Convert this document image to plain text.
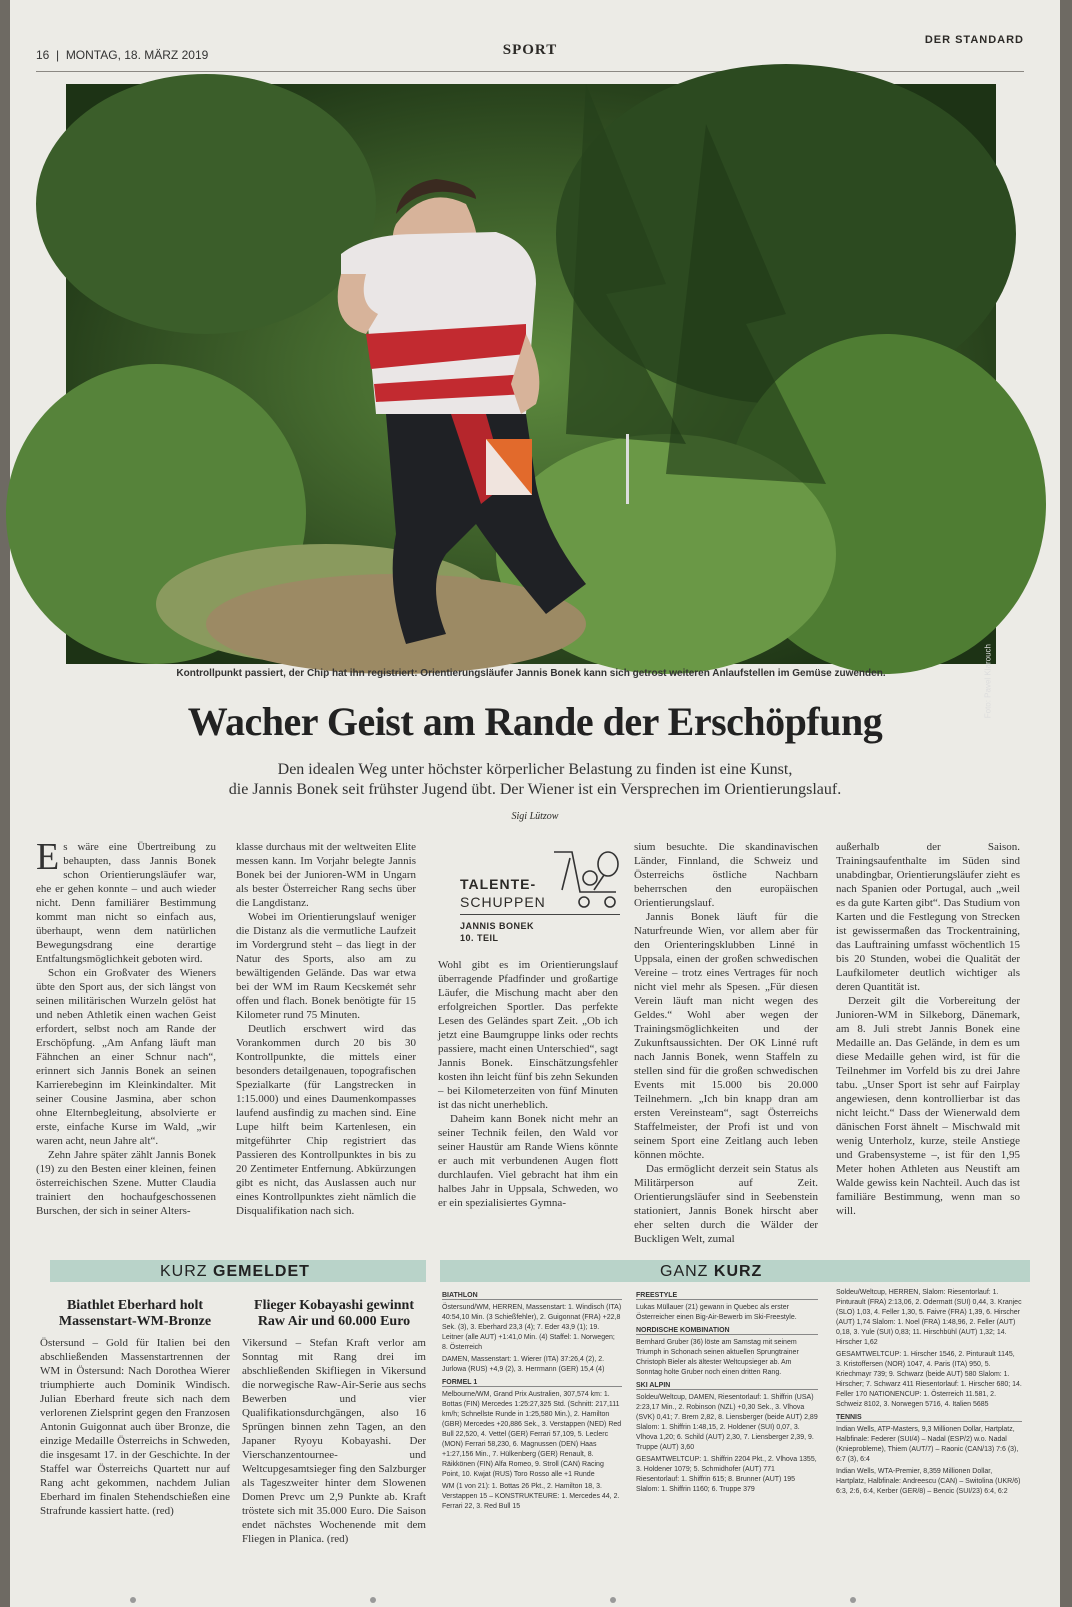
16  |  MONTAG, 18. MÄRZ 2019	SPORT
DER STANDARD
Foto: Pavel Klarouch
Kontrollpunkt passiert, der Chip hat ihn registriert: Orientierungsläufer Jannis Bonek kann sich getrost weiteren Anlaufstellen im Gemüse zuwenden.
Wacher Geist am Rande der Erschöpfung
Den idealen Weg unter höchster körperlicher Belastung zu finden ist eine Kunst,
die Jannis Bonek seit frühster Jugend übt. Der Wiener ist ein Versprechen im Orientierungslauf.
Sigi Lützow
E s wäre eine Übertreibung zu behaupten, dass Jannis Bonek schon Orientierungsläufer war, ehe er gehen konnte – und auch wieder nicht. Denn familiärer Bestimmung kommt man nicht so einfach aus, überhaupt, wenn dem natürlichen Bewegungsdrang eine derartige Entfaltungsmöglichkeit geboten wird.

Schon ein Großvater des Wieners übte den Sport aus, der sich längst von seinen militärischen Wurzeln gelöst hat und neben Athletik einen wachen Geist erfordert, selbst noch am Rande der Erschöpfung. „Am Anfang läuft man Fähnchen an einer Schnur nach“, erinnert sich Jannis Bonek an seinen Karrierebeginn im Kleinkindalter. Mit seiner Cousine Jasmina, aber schon ohne Elternbegleitung, absolvierte er erste, einfache Kurse im Wald, „wir waren acht, neun Jahre alt“.

Zehn Jahre später zählt Jannis Bonek (19) zu den Besten einer kleinen, feinen österreichischen Szene. Mutter Claudia trainiert den hochaufgeschossenen Burschen, der sich in seiner Alters-

klasse durchaus mit der weltweiten Elite messen kann. Im Vorjahr belegte Jannis Bonek bei der Junioren-WM in Ungarn als bester Österreicher Rang sechs über die Langdistanz.

Wobei im Orientierungslauf weniger die Distanz als die vermutliche Laufzeit im Vordergrund steht – das liegt in der Natur des Sports, also am zu bewältigenden Gelände. Das war etwa bei der WM im Raum Kecskemét sehr offen und flach. Bonek benötigte für 15 Kilometer rund 75 Minuten.

Deutlich erschwert wird das Vorankommen durch 20 bis 30 Kontrollpunkte, die mittels einer besonders detailgenauen, topografischen Spezialkarte (für Langstrecken in 1:15.000) und eines Daumenkompasses laufend ausfindig zu machen sind. Eine Lupe hilft beim Kartenlesen, ein mitgeführter Chip registriert das Passieren des Kontrollpunktes in bis zu 20 Zentimeter Entfernung. Abkürzungen gibt es nicht, das Auslassen auch nur eines Kontrollpunktes zieht nämlich die Disqualifikation nach sich.

TALENTE-
SCHUPPEN
JANNIS BONEK
10. TEIL

Wohl gibt es im Orientierungslauf überragende Pfadfinder und großartige Läufer, die Mischung macht aber den erfolgreichen Sportler. Das perfekte Lesen des Geländes spart Zeit. „Ob ich jetzt eine Baumgruppe links oder rechts passiere, macht einen Unterschied“, sagt Jannis Bonek. Einschätzungsfehler kosten ihn leicht fünf bis zehn Sekunden – bei Kilometerzeiten von fünf Minuten ist das nicht unerheblich.

Daheim kann Bonek nicht mehr an seiner Technik feilen, den Wald vor seiner Haustür am Rande Wiens könnte er auch mit verbundenen Augen flott durchlaufen. Viel gebracht hat ihm ein halbes Jahr in Uppsala, Schweden, wo er ein spezialisiertes Gymna-

sium besuchte. Die skandinavischen Länder, Finnland, die Schweiz und Österreichs östliche Nachbarn beherrschen den europäischen Orientierungslauf.

Jannis Bonek läuft für die Naturfreunde Wien, vor allem aber für den Orienteringsklubben Linné in Uppsala, einen der großen schwedischen Vereine – trotz eines Vertrages für noch nicht viel mehr als Spesen. „Für diesen Verein läuft man nicht wegen des Geldes.“ Wohl aber wegen der Trainingsmöglichkeiten und der Zukunftsaussichten. Der OK Linné ruft nach Jannis Bonek, wenn Staffeln zu stellen sind für die großen schwedischen Events mit 15.000 bis 20.000 Teilnehmern. „Ich bin knapp dran am ersten Vereinsteam“, sagt Österreichs Staffelmeister, der Profi ist und von seinem Sport eine Zeitlang auch leben können möchte.

Das ermöglicht derzeit sein Status als Militärperson auf Zeit. Orientierungsläufer sind in Seebenstein stationiert, Jannis Bonek hirscht aber eher selten durch die Wälder der Buckligen Welt, zumal

außerhalb der Saison. Trainingsaufenthalte im Süden sind unabdingbar, Orientierungsläufer zieht es nach Spanien oder Portugal, auch „weil es da gute Karten gibt“. Das Studium von Karten und die Festlegung von Strecken ist gewissermaßen das Trockentraining, das Lauftraining umfasst wöchentlich 15 bis 20 Stunden, wobei die Qualität der Laufkilometer deutlich wichtiger als deren Quantität ist.

Derzeit gilt die Vorbereitung der Junioren-WM in Silkeborg, Dänemark, am 8. Juli strebt Jannis Bonek eine Medaille an. Das Gelände, in dem es um diese Medaille gehen wird, ist für die Teilnehmer im Vorfeld bis zu drei Jahre tabu. „Unser Sport ist sehr auf Fairplay angewiesen, denn kontrollierbar ist das nicht leicht.“ Dass der Wienerwald dem dänischen Forst ähnelt – Mischwald mit wenig Unterholz, kurze, steile Anstiege und Grabensysteme –, ist für den 1,95 Meter hohen Athleten aus Neustift am Walde gewiss kein Nachteil. Auch das ist familiäre Bestimmung, wenn man so will.

KURZ GEMELDET	GANZ KURZ
Biathlet Eberhard holt Massenstart-WM-Bronze
Östersund – Gold für Italien bei den abschließenden Massenstartrennen der WM in Östersund: Nach Dorothea Wierer triumphierte auch Dominik Windisch. Julian Eberhard freute sich nach dem verlorenen Zielsprint gegen den Franzosen Antonin Guigonnat auch über Bronze, die einzige Medaille Österreichs in Schweden, die insgesamt 17. in der Geschichte. In der Staffel war Österreichs Quartett nur auf Rang acht gekommen, nachdem Julian Eberhard im finalen Stehendschießen eine Strafrunde kassiert hatte. (red)
Flieger Kobayashi gewinnt Raw Air und 60.000 Euro
Vikersund – Stefan Kraft verlor am Sonntag mit Rang drei im abschließenden Skifliegen in Vikersund die norwegische Raw-Air-Serie aus sechs Bewerben und vier Qualifikationsdurchgängen, also 16 Sprüngen binnen zehn Tagen, an den Japaner Ryoyu Kobayashi. Der Vierschanzentournee- und Weltcupgesamtsieger fing den Salzburger als Tageszweiter hinter dem Slowenen Domen Prevc um 2,9 Punkte ab. Kraft tröstete sich mit 35.000 Euro. Die Saison endet nächstes Wochenende mit dem Fliegen in Planica. (red)
BIATHLON

Östersund/WM, HERREN, Massenstart: 1. Windisch (ITA) 40:54,10 Min. (3 Schießfehler), 2. Guigonnat (FRA) +22,8 Sek. (3), 3. Eberhard 23,3 (4); 7. Eder 43,9 (1); 19. Leitner (alle AUT) +1:41,0 Min. (4) Staffel: 1. Norwegen; 8. Österreich

DAMEN, Massenstart: 1. Wierer (ITA) 37:26,4 (2), 2. Jurlowa (RUS) +4,9 (2), 3. Herrmann (GER) 15,4 (4)

FORMEL 1

Melbourne/WM, Grand Prix Australien, 307,574 km: 1. Bottas (FIN) Mercedes 1:25:27,325 Std. (Schnitt: 217,111 km/h; Schnellste Runde in 1:25,580 Min.), 2. Hamilton (GBR) Mercedes +20,886 Sek., 3. Verstappen (NED) Red Bull 22,520, 4. Vettel (GER) Ferrari 57,109, 5. Leclerc (MON) Ferrari 58,230, 6. Magnussen (DEN) Haas +1:27,156 Min., 7. Hülkenberg (GER) Renault, 8. Räikkönen (FIN) Alfa Romeo, 9. Stroll (CAN) Racing Point, 10. Kwjat (RUS) Toro Rosso alle +1 Runde

WM (1 von 21): 1. Bottas 26 Pkt., 2. Hamilton 18, 3. Verstappen 15 – KONSTRUKTEURE: 1. Mercedes 44, 2. Ferrari 22, 3. Red Bull 15

FREESTYLE

Lukas Müllauer (21) gewann in Quebec als erster Österreicher einen Big-Air-Bewerb im Ski-Freestyle.

NORDISCHE KOMBINATION

Bernhard Gruber (36) löste am Samstag mit seinem Triumph in Schonach seinen aktuellen Sprungtrainer Christoph Bieler als ältester Weltcupsieger ab. Am Sonntag holte Gruber noch einen dritten Rang.

SKI ALPIN

Soldeu/Weltcup, DAMEN, Riesentorlauf: 1. Shiffrin (USA) 2:23,17 Min., 2. Robinson (NZL) +0,30 Sek., 3. Vlhova (SVK) 0,41; 7. Brem 2,82, 8. Liensberger (beide AUT) 2,89 Slalom: 1. Shiffrin 1:48,15, 2. Holdener (SUI) 0,07, 3. Vlhova 1,20; 6. Schild (AUT) 2,30, 7. Liensberger 2,39, 9. Truppe (AUT) 3,60

GESAMTWELTCUP: 1. Shiffrin 2204 Pkt., 2. Vlhova 1355, 3. Holdener 1079; 5. Schmidhofer (AUT) 771 Riesentorlauf: 1. Shiffrin 615; 8. Brunner (AUT) 195 Slalom: 1. Shiffrin 1160; 6. Truppe 379

Soldeu/Weltcup, HERREN, Slalom: Riesentorlauf: 1. Pinturault (FRA) 2:13,06, 2. Odermatt (SUI) 0,44, 3. Kranjec (SLO) 1,03, 4. Feller 1,30, 5. Faivre (FRA) 1,39, 6. Hirscher (AUT) 1,74 Slalom: 1. Noel (FRA) 1:48,96, 2. Feller (AUT) 0,18, 3. Yule (SUI) 0,83; 11. Hirschbühl (AUT) 1,32; 14. Hirscher 1,62

GESAMTWELTCUP: 1. Hirscher 1546, 2. Pinturault 1145, 3. Kristoffersen (NOR) 1047, 4. Paris (ITA) 950, 5. Kriechmayr 739; 9. Schwarz (beide AUT) 580 Slalom: 1. Hirscher; 7. Schwarz 411 Riesentorlauf: 1. Hirscher 680; 14. Feller 170 NATIONENCUP: 1. Österreich 11.581, 2. Schweiz 8102, 3. Norwegen 5716, 4. Italien 5685

TENNIS

Indian Wells, ATP-Masters, 9,3 Millionen Dollar, Hartplatz, Halbfinale: Federer (SUI/4) – Nadal (ESP/2) w.o. Nadal (Knieprobleme), Thiem (AUT/7) – Raonic (CAN/13) 7:6 (3), 6:7 (3), 6:4

Indian Wells, WTA-Premier, 8,359 Millionen Dollar, Hartplatz, Halbfinale: Andreescu (CAN) – Switolina (UKR/6) 6:3, 2:6, 6:4, Kerber (GER/8) – Bencic (SUI/23) 6:4, 6:2
